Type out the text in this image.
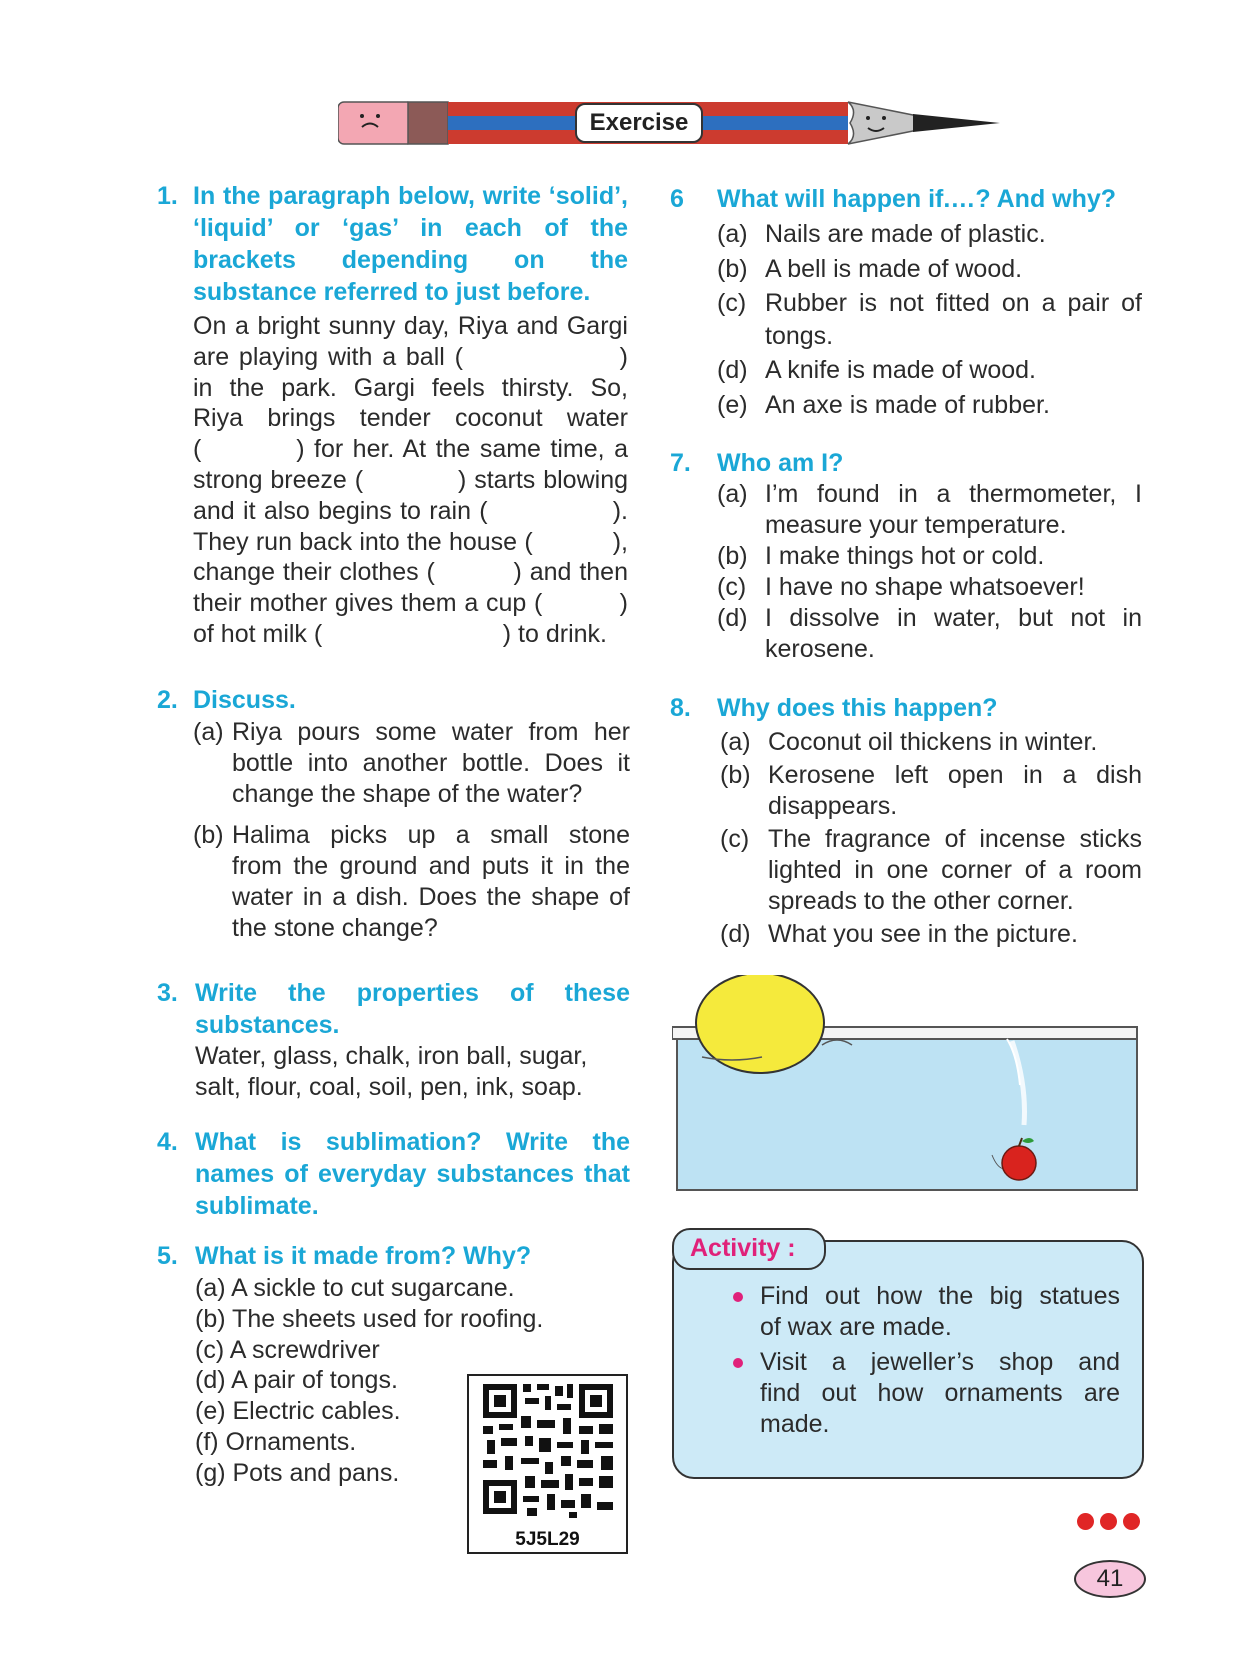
Exercise
1. In the paragraph below, write ‘solid’, ‘liquid’ or ‘gas’ in each of the brackets depending on the substance referred to just before.
On a bright sunny day, Riya and Gargi
are playing with a ball (                )
in the park. Gargi feels thirsty. So,
Riya brings tender coconut water
(          ) for her. At the same time, a
strong breeze (            ) starts blowing
and it also begins to rain (               ).
They run back into the house (           ),
change their clothes (          ) and then
their mother gives them a cup (          )
of hot milk (                          ) to drink.
2. Discuss.
(a) Riya pours some water from her
bottle into another bottle. Does it
change the shape of the water?
(b) Halima picks up a small stone
from the ground and puts it in the
water in a dish. Does the shape of
the stone change?
3. Write the properties of these
substances.
Water, glass, chalk, iron ball, sugar,
salt, flour, coal, soil, pen, ink, soap.
4. What is sublimation? Write the
names of everyday substances that
sublimate.
5. What is it made from? Why?
(a) A sickle to cut sugarcane.
(b) The sheets used for roofing.
(c) A screwdriver
(d) A pair of tongs.
(e) Electric cables.
(f) Ornaments.
(g) Pots and pans.
5J5L29
6 What will happen if.…? And why?
(a) Nails are made of plastic.
(b) A bell is made of wood.
(c) Rubber is not fitted on a pair of
tongs.
(d) A knife is made of wood.
(e) An axe is made of rubber.
7. Who am I?
(a) I’m found in a thermometer, I
measure your temperature.
(b) I make things hot or cold.
(c) I have no shape whatsoever!
(d) I dissolve in water, but not in
kerosene.
8. Why does this happen?
(a) Coconut oil thickens in winter.
(b) Kerosene left open in a dish
disappears.
(c) The fragrance of incense sticks
lighted in one corner of a room
spreads to the other corner.
(d) What you see in the picture.
Activity :
Find out how the big statues
of wax are made.
Visit a jeweller’s shop and
find out how ornaments are
made.
41
